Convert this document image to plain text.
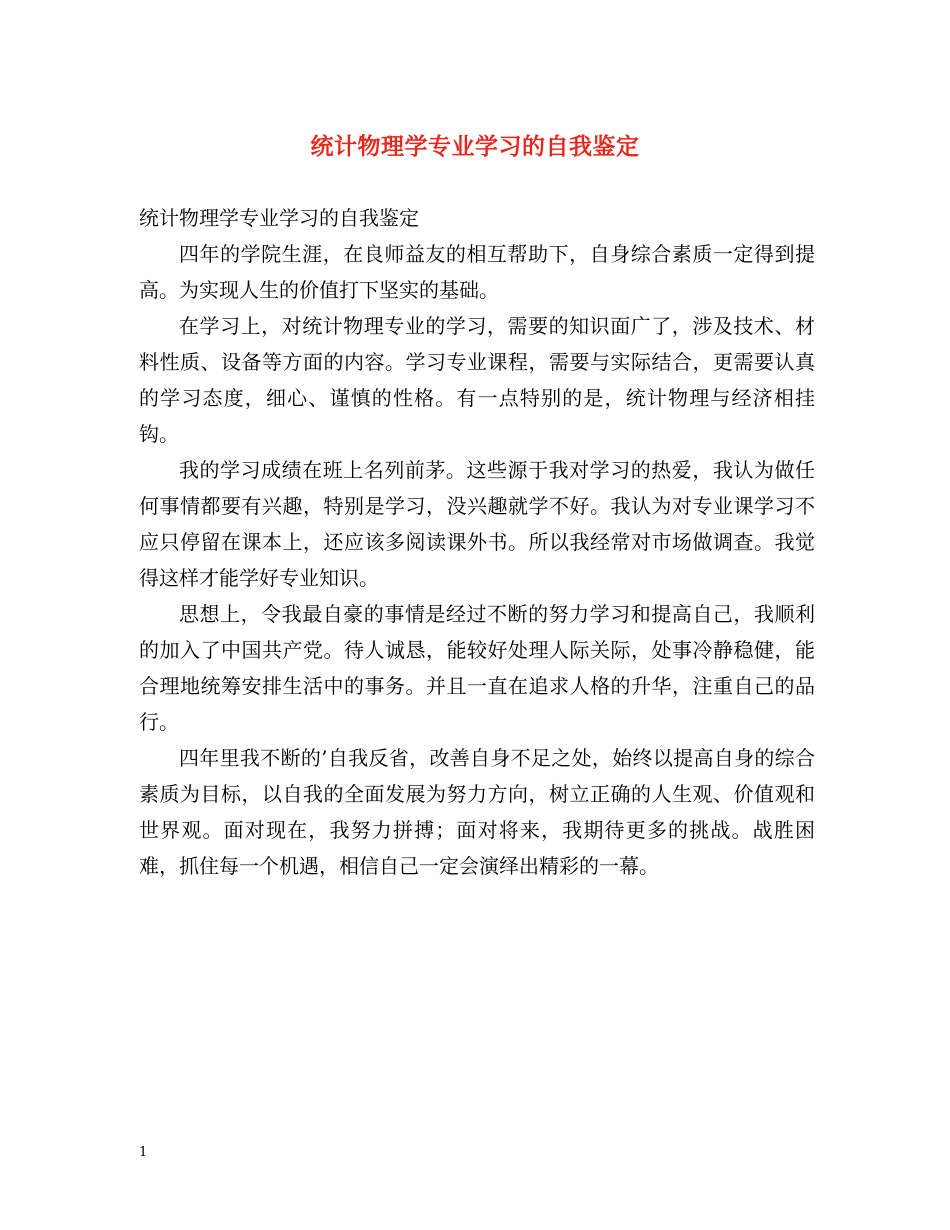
统计物理学专业学习的自我鉴定

统计物理学专业学习的自我鉴定

四年的学院生涯，在良师益友的相互帮助下，自身综合素质一定得到提高。为实现人生的价值打下坚实的基础。

在学习上，对统计物理专业的学习，需要的知识面广了，涉及技术、材料性质、设备等方面的内容。学习专业课程，需要与实际结合，更需要认真的学习态度，细心、谨慎的性格。有一点特别的是，统计物理与经济相挂钩。

我的学习成绩在班上名列前茅。这些源于我对学习的热爱，我认为做任何事情都要有兴趣，特别是学习，没兴趣就学不好。我认为对专业课学习不应只停留在课本上，还应该多阅读课外书。所以我经常对市场做调查。我觉得这样才能学好专业知识。

思想上，令我最自豪的事情是经过不断的努力学习和提高自己，我顺利的加入了中国共产党。待人诚恳，能较好处理人际关际，处事冷静稳健，能合理地统筹安排生活中的事务。并且一直在追求人格的升华，注重自己的品行。

四年里我不断的’自我反省，改善自身不足之处，始终以提高自身的综合素质为目标，以自我的全面发展为努力方向，树立正确的人生观、价值观和世界观。面对现在，我努力拼搏；面对将来，我期待更多的挑战。战胜困难，抓住每一个机遇，相信自己一定会演绎出精彩的一幕。

1
